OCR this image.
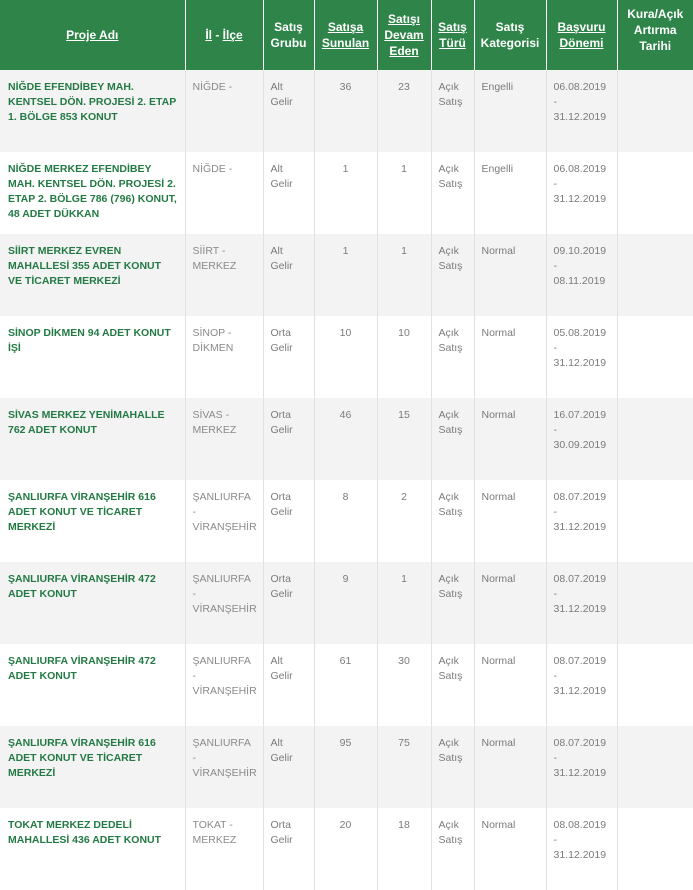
Proje Adı	İl - İlçe	Satış Grubu	Satışa Sunulan	Satışı Devam Eden	Satış Türü	Satış Kategorisi	Başvuru Dönemi	Kura/Açık Artırma Tarihi
NİĞDE EFENDİBEY MAH. KENTSEL DÖN. PROJESİ 2. ETAP 1. BÖLGE 853 KONUT	NİĞDE -	Alt Gelir	36	23	Açık Satış	Engelli	06.08.2019 - 31.12.2019	
NİĞDE MERKEZ EFENDİBEY MAH. KENTSEL DÖN. PROJESİ 2. ETAP 2. BÖLGE 786 (796) KONUT, 48 ADET DÜKKAN	NİĞDE -	Alt Gelir	1	1	Açık Satış	Engelli	06.08.2019 - 31.12.2019	
SİİRT MERKEZ EVREN MAHALLESİ 355 ADET KONUT VE TİCARET MERKEZİ	SİİRT - MERKEZ	Alt Gelir	1	1	Açık Satış	Normal	09.10.2019 - 08.11.2019	
SİNOP DİKMEN 94 ADET KONUT İŞİ	SİNOP - DİKMEN	Orta Gelir	10	10	Açık Satış	Normal	05.08.2019 - 31.12.2019	
SİVAS MERKEZ YENİMAHALLE 762 ADET KONUT	SİVAS - MERKEZ	Orta Gelir	46	15	Açık Satış	Normal	16.07.2019 - 30.09.2019	
ŞANLIURFA VİRANŞEHİR 616 ADET KONUT VE TİCARET MERKEZİ	ŞANLIURFA - VİRANŞEHİR	Orta Gelir	8	2	Açık Satış	Normal	08.07.2019 - 31.12.2019	
ŞANLIURFA VİRANŞEHİR 472 ADET KONUT	ŞANLIURFA - VİRANŞEHİR	Orta Gelir	9	1	Açık Satış	Normal	08.07.2019 - 31.12.2019	
ŞANLIURFA VİRANŞEHİR 472 ADET KONUT	ŞANLIURFA - VİRANŞEHİR	Alt Gelir	61	30	Açık Satış	Normal	08.07.2019 - 31.12.2019	
ŞANLIURFA VİRANŞEHİR 616 ADET KONUT VE TİCARET MERKEZİ	ŞANLIURFA - VİRANŞEHİR	Alt Gelir	95	75	Açık Satış	Normal	08.07.2019 - 31.12.2019	
TOKAT MERKEZ DEDELİ MAHALLESİ 436 ADET KONUT	TOKAT - MERKEZ	Orta Gelir	20	18	Açık Satış	Normal	08.08.2019 - 31.12.2019	
